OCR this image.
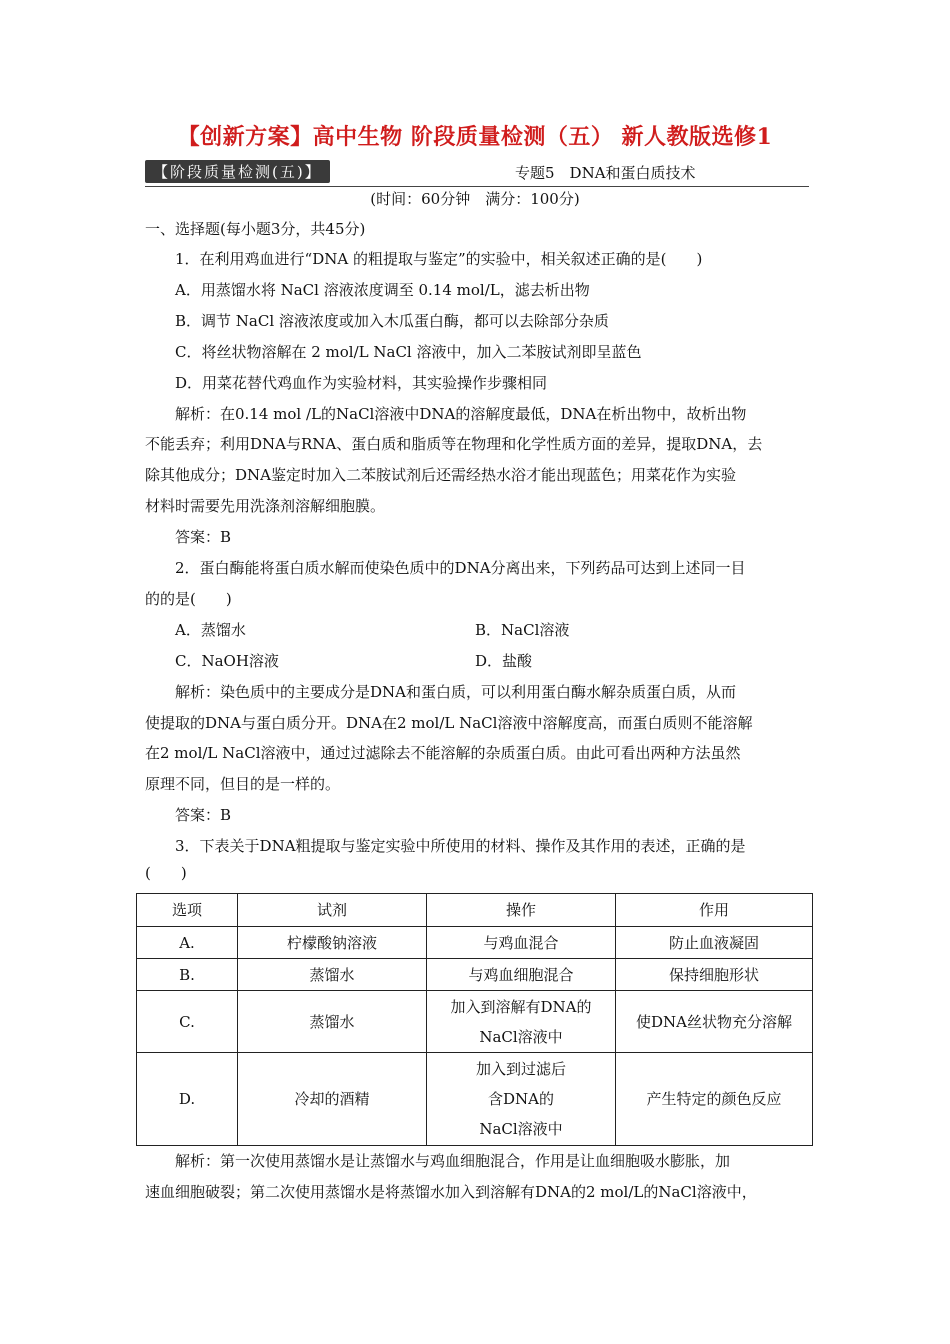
【创新方案】高中生物 阶段质量检测（五） 新人教版选修1
【阶段质量检测(五)】	专题5　DNA和蛋白质技术
(时间：60分钟　满分：100分)
一、选择题(每小题3分，共45分)
1．在利用鸡血进行“DNA 的粗提取与鉴定”的实验中，相关叙述正确的是(　　)
A．用蒸馏水将 NaCl 溶液浓度调至 0.14 mol/L，滤去析出物
B．调节 NaCl 溶液浓度或加入木瓜蛋白酶，都可以去除部分杂质
C．将丝状物溶解在 2 mol/L NaCl 溶液中，加入二苯胺试剂即呈蓝色
D．用菜花替代鸡血作为实验材料，其实验操作步骤相同
解析：在0.14 mol /L的NaCl溶液中DNA的溶解度最低，DNA在析出物中，故析出物
不能丢弃；利用DNA与RNA、蛋白质和脂质等在物理和化学性质方面的差异，提取DNA，去
除其他成分；DNA鉴定时加入二苯胺试剂后还需经热水浴才能出现蓝色；用菜花作为实验
材料时需要先用洗涤剂溶解细胞膜。
答案：B
2．蛋白酶能将蛋白质水解而使染色质中的DNA分离出来，下列药品可达到上述同一目
的的是(　　)
A．蒸馏水	B．NaCl溶液
C．NaOH溶液	D．盐酸
解析：染色质中的主要成分是DNA和蛋白质，可以利用蛋白酶水解杂质蛋白质，从而
使提取的DNA与蛋白质分开。DNA在2 mol/L NaCl溶液中溶解度高，而蛋白质则不能溶解
在2 mol/L NaCl溶液中，通过过滤除去不能溶解的杂质蛋白质。由此可看出两种方法虽然
原理不同，但目的是一样的。
答案：B
3．下表关于DNA粗提取与鉴定实验中所使用的材料、操作及其作用的表述，正确的是
(　　)
选项	试剂	操作	作用
A.	柠檬酸钠溶液	与鸡血混合	防止血液凝固
B.	蒸馏水	与鸡血细胞混合	保持细胞形状
C.	蒸馏水	加入到溶解有DNA的
NaCl溶液中	使DNA丝状物充分溶解
D.	冷却的酒精	加入到过滤后
含DNA的
NaCl溶液中	产生特定的颜色反应
解析：第一次使用蒸馏水是让蒸馏水与鸡血细胞混合，作用是让血细胞吸水膨胀，加
速血细胞破裂；第二次使用蒸馏水是将蒸馏水加入到溶解有DNA的2 mol/L的NaCl溶液中，
